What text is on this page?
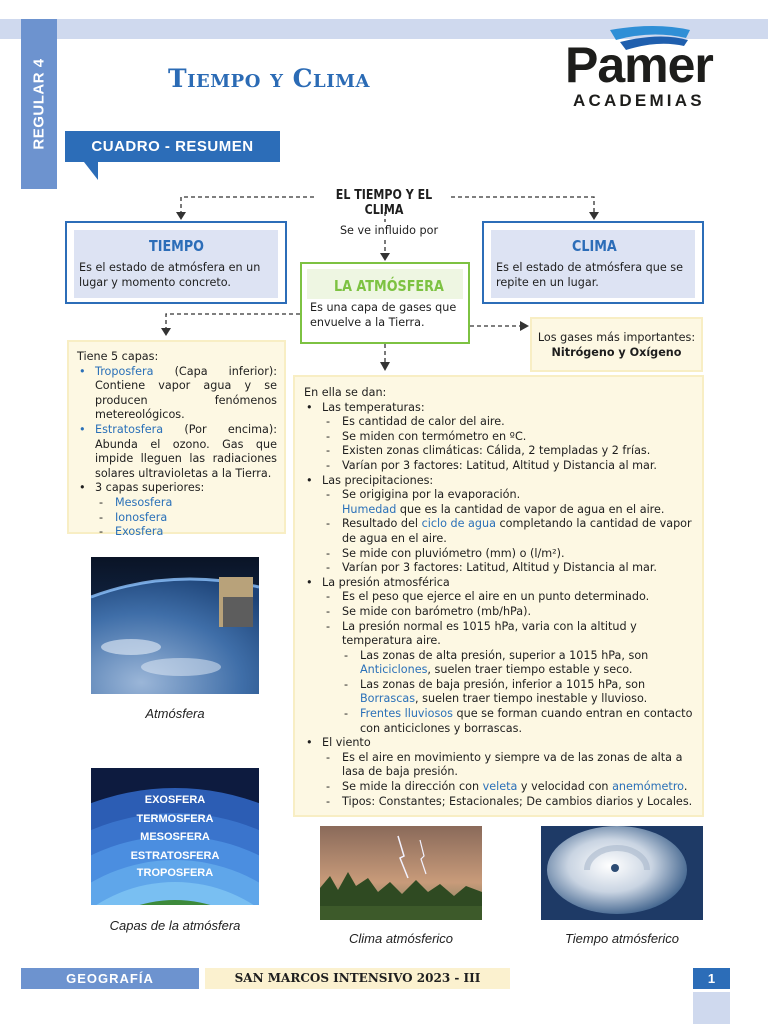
REGULAR 4	Tiempo y Clima	Pamer
ACADEMIAS
CUADRO - RESUMEN
EL TIEMPO Y EL CLIMA
Se ve influido por
TIEMPO
Es el estado de atmósfera en un lugar y momento concreto.
CLIMA
Es el estado de atmósfera que se repite en un lugar.
LA ATMÓSFERA
Es una capa de gases que envuelve a la Tierra.
Los gases más importantes:
Nitrógeno y Oxígeno
Tiene 5 capas:
• Troposfera (Capa inferior): Contiene vapor agua y se producen fenómenos metereológicos.
• Estratosfera (Por encima): Abunda el ozono. Gas que impide lleguen las radiaciones solares ultravioletas a la Tierra.
• 3 capas superiores:
- Mesosfera
- Ionosfera
- Exosfera
En ella se dan:
• Las temperaturas:
- Es cantidad de calor del aire.
- Se miden con termómetro en ºC.
- Existen zonas climáticas: Cálida, 2 templadas y 2 frías.
- Varían por 3 factores: Latitud, Altitud y Distancia al mar.
• Las precipitaciones:
- Se origigina por la evaporación.
Humedad que es la cantidad de vapor de agua en el aire.
- Resultado del ciclo de agua completando la cantidad de vapor de agua en el aire.
- Se mide con pluviómetro (mm) o (l/m²).
- Varían por 3 factores: Latitud, Altitud y Distancia al mar.
• La presión atmosférica
- Es el peso que ejerce el aire en un punto determinado.
- Se mide con barómetro (mb/hPa).
- La presión normal es 1015 hPa, varia con la altitud y temperatura aire.
- Las zonas de alta presión, superior a 1015 hPa, son Anticiclones, suelen traer tiempo estable y seco.
- Las zonas de baja presión, inferior a 1015 hPa, son Borrascas, suelen traer tiempo inestable y lluvioso.
- Frentes lluviosos que se forman cuando entran en contacto con anticiclones y borrascas.
• El viento
- Es el aire en movimiento y siempre va de las zonas de alta a lasa de baja presión.
- Se mide la dirección con veleta y velocidad con anemómetro.
- Tipos: Constantes; Estacionales; De cambios diarios y Locales.
Atmósfera
EXOSFERA
TERMOSFERA
MESOSFERA
ESTRATOSFERA
TROPOSFERA
Capas de la atmósfera
Clima atmósferico	Tiempo atmósferico
GEOGRAFÍA	SAN MARCOS INTENSIVO 2023 - III	1
